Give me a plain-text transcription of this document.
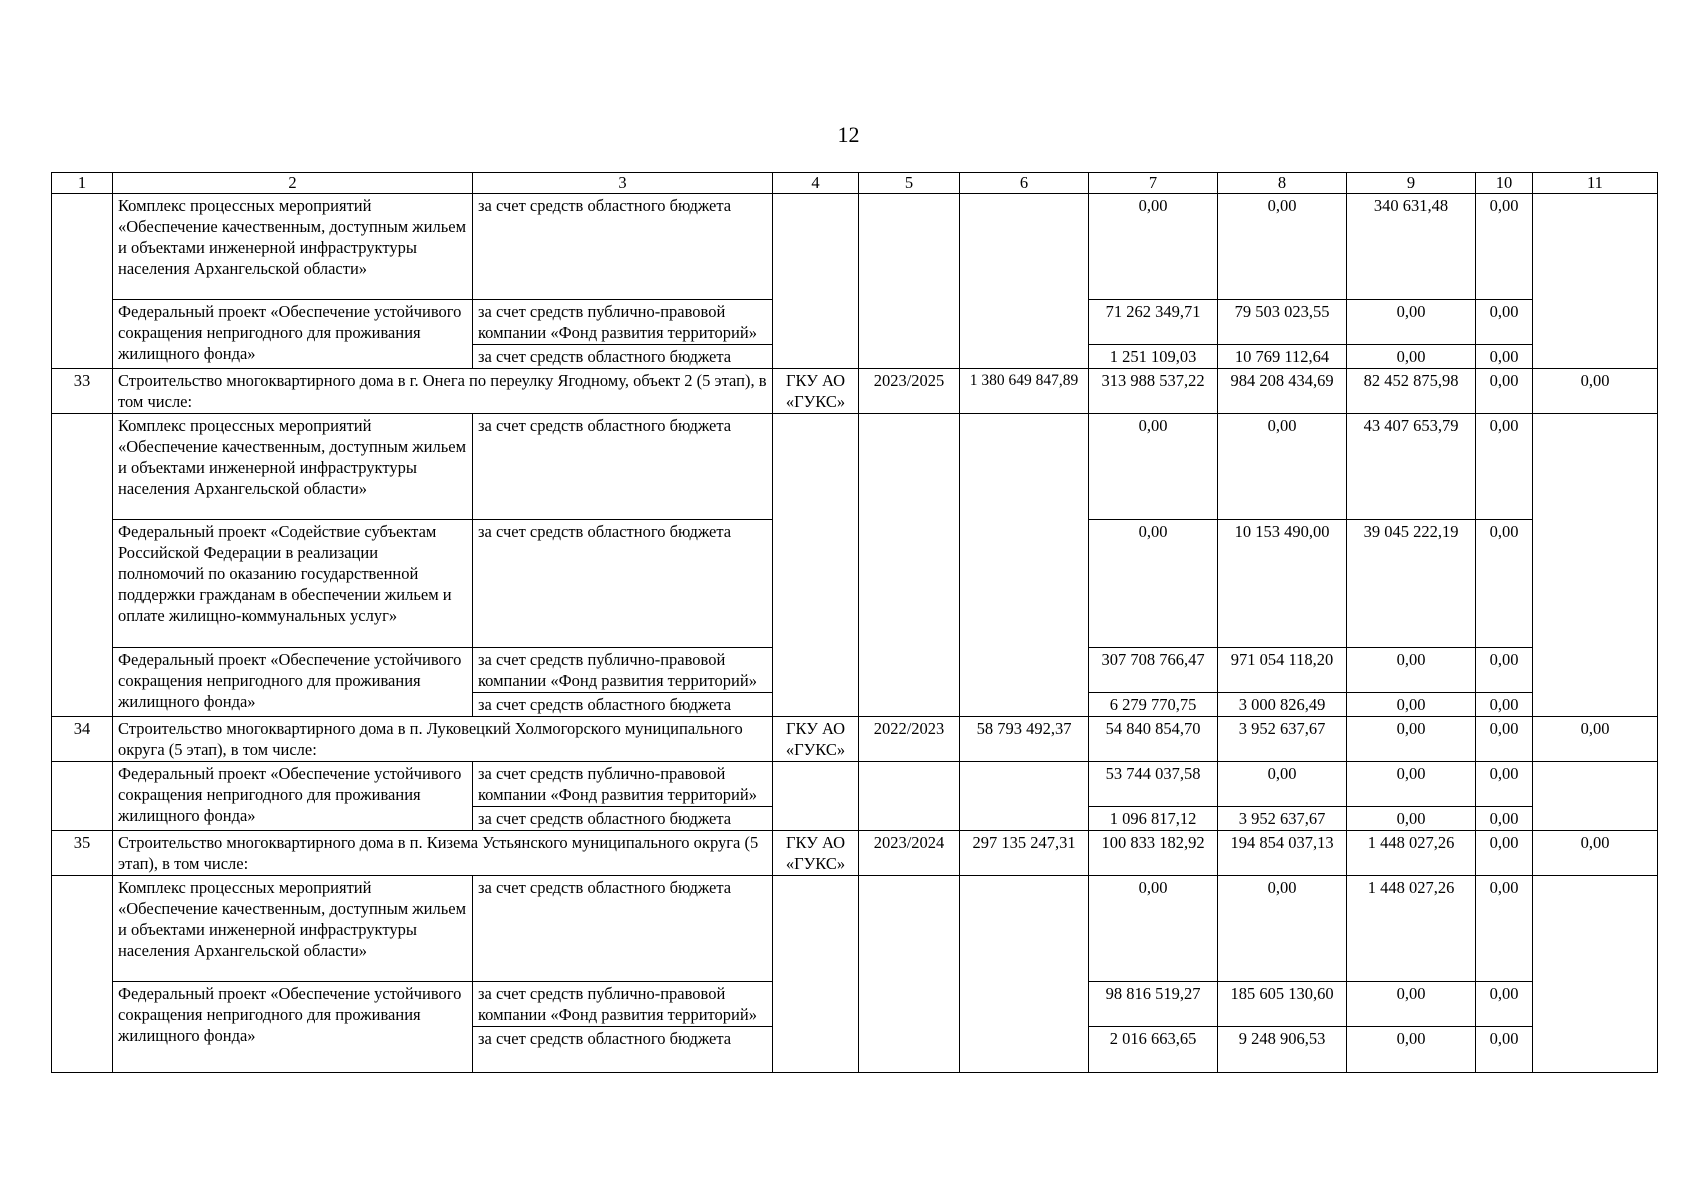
12
1	2	3	4	5	6	7	8	9	10	11
	Комплекс процессных мероприятий «Обеспечение качественным, доступным жильем и объектами инженерной инфраструктуры населения Архангельской области»	за счет средств областного бюджета				0,00	0,00	340 631,48	0,00	
	Федеральный проект «Обеспечение устойчивого сокращения непригодного для проживания жилищного фонда»	за счет средств публично-правовой компании «Фонд развития территорий»				71 262 349,71	79 503 023,55	0,00	0,00	
		за счет средств областного бюджета				1 251 109,03	10 769 112,64	0,00	0,00	
33	Строительство многоквартирного дома в г. Онега по переулку Ягодному, объект 2 (5 этап), в том числе:		ГКУ АО «ГУКС»	2023/2025	1 380 649 847,89	313 988 537,22	984 208 434,69	82 452 875,98	0,00	0,00
	Комплекс процессных мероприятий «Обеспечение качественным, доступным жильем и объектами инженерной инфраструктуры населения Архангельской области»	за счет средств областного бюджета				0,00	0,00	43 407 653,79	0,00	
	Федеральный проект «Содействие субъектам Российской Федерации в реализации полномочий по оказанию государственной поддержки гражданам в обеспечении жильем и оплате жилищно-коммунальных услуг»	за счет средств областного бюджета				0,00	10 153 490,00	39 045 222,19	0,00	
	Федеральный проект «Обеспечение устойчивого сокращения непригодного для проживания жилищного фонда»	за счет средств публично-правовой компании «Фонд развития территорий»				307 708 766,47	971 054 118,20	0,00	0,00	
		за счет средств областного бюджета				6 279 770,75	3 000 826,49	0,00	0,00	
34	Строительство многоквартирного дома в п. Луковецкий Холмогорского муниципального округа (5 этап), в том числе:		ГКУ АО «ГУКС»	2022/2023	58 793 492,37	54 840 854,70	3 952 637,67	0,00	0,00	0,00
	Федеральный проект «Обеспечение устойчивого сокращения непригодного для проживания жилищного фонда»	за счет средств публично-правовой компании «Фонд развития территорий»				53 744 037,58	0,00	0,00	0,00	
		за счет средств областного бюджета				1 096 817,12	3 952 637,67	0,00	0,00	
35	Строительство многоквартирного дома в п. Кизема Устьянского муниципального округа (5 этап), в том числе:		ГКУ АО «ГУКС»	2023/2024	297 135 247,31	100 833 182,92	194 854 037,13	1 448 027,26	0,00	0,00
	Комплекс процессных мероприятий «Обеспечение качественным, доступным жильем и объектами инженерной инфраструктуры населения Архангельской области»	за счет средств областного бюджета				0,00	0,00	1 448 027,26	0,00	
	Федеральный проект «Обеспечение устойчивого сокращения непригодного для проживания жилищного фонда»	за счет средств публично-правовой компании «Фонд развития территорий»				98 816 519,27	185 605 130,60	0,00	0,00	
		за счет средств областного бюджета				2 016 663,65	9 248 906,53	0,00	0,00	
